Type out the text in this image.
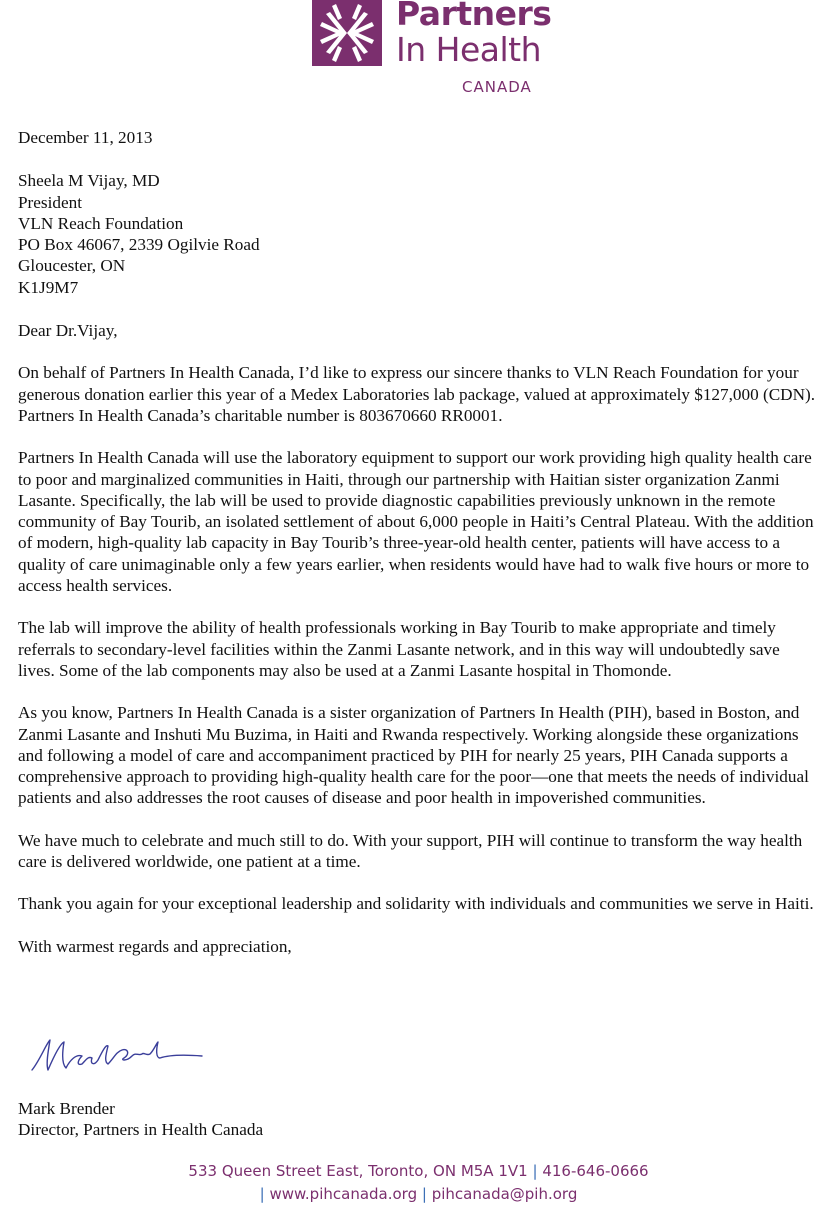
Partners
In Health
CANADA

December 11, 2013

Sheela M Vijay, MD

President

VLN Reach Foundation

PO Box 46067, 2339 Ogilvie Road

Gloucester, ON

K1J9M7

Dear Dr.Vijay,

On behalf of Partners In Health Canada, I’d like to express our sincere thanks to VLN Reach Foundation for your generous donation earlier this year of a Medex Laboratories lab package, valued at approximately $127,000 (CDN). Partners In Health Canada’s charitable number is 803670660 RR0001.

Partners In Health Canada will use the laboratory equipment to support our work providing high quality health care to poor and marginalized communities in Haiti, through our partnership with Haitian sister organization Zanmi Lasante. Specifically, the lab will be used to provide diagnostic capabilities previously unknown in the remote community of Bay Tourib, an isolated settlement of about 6,000 people in Haiti’s Central Plateau. With the addition of modern, high-quality lab capacity in Bay Tourib’s three-year-old health center, patients will have access to a quality of care unimaginable only a few years earlier, when residents would have had to walk five hours or more to access health services.

The lab will improve the ability of health professionals working in Bay Tourib to make appropriate and timely referrals to secondary-level facilities within the Zanmi Lasante network, and in this way will undoubtedly save lives. Some of the lab components may also be used at a Zanmi Lasante hospital in Thomonde.

As you know, Partners In Health Canada is a sister organization of Partners In Health (PIH), based in Boston, and Zanmi Lasante and Inshuti Mu Buzima, in Haiti and Rwanda respectively. Working alongside these organizations and following a model of care and accompaniment practiced by PIH for nearly 25 years, PIH Canada supports a comprehensive approach to providing high-quality health care for the poor—one that meets the needs of individual patients and also addresses the root causes of disease and poor health in impoverished communities.

We have much to celebrate and much still to do. With your support, PIH will continue to transform the way health care is delivered worldwide, one patient at a time.

Thank you again for your exceptional leadership and solidarity with individuals and communities we serve in Haiti.

With warmest regards and appreciation,

Mark Brender

Director, Partners in Health Canada

533 Queen Street East, Toronto, ON M5A 1V1 | 416-646-0666
| www.pihcanada.org | pihcanada@pih.org
